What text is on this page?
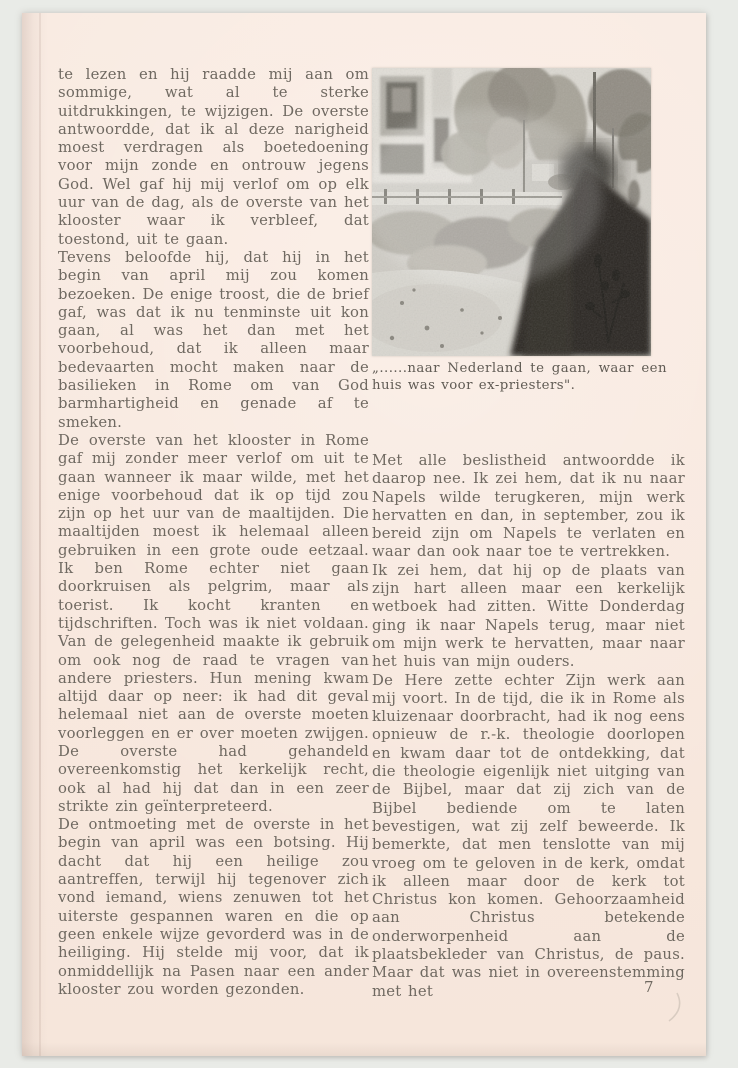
te lezen en hij raadde mij aan om sommige, wat al te sterke uitdrukkingen, te wijzigen. De overste antwoordde, dat ik al deze narigheid moest verdragen als boetedoening voor mijn zonde en ontrouw jegens God. Wel gaf hij mij verlof om op elk uur van de dag, als de overste van het klooster waar ik verbleef, dat toestond, uit te gaan.

Tevens beloofde hij, dat hij in het begin van april mij zou komen bezoeken. De enige troost, die de brief gaf, was dat ik nu tenminste uit kon gaan, al was het dan met het voorbehoud, dat ik alleen maar bedevaarten mocht maken naar de basilieken in Rome om van God barmhartigheid en genade af te smeken.

De overste van het klooster in Rome gaf mij zonder meer verlof om uit te gaan wanneer ik maar wilde, met het enige voorbehoud dat ik op tijd zou zijn op het uur van de maaltijden. Die maaltijden moest ik helemaal alleen gebruiken in een grote oude eetzaal. Ik ben Rome echter niet gaan doorkruisen als pelgrim, maar als toerist. Ik kocht kranten en tijdschriften. Toch was ik niet voldaan. Van de gelegenheid maakte ik gebruik om ook nog de raad te vragen van andere priesters. Hun mening kwam altijd daar op neer: ik had dit geval helemaal niet aan de overste moeten voorleggen en er over moeten zwijgen. De overste had gehandeld overeenkomstig het kerkelijk recht, ook al had hij dat dan in een zeer strikte zin geïnterpreteerd.

De ontmoeting met de overste in het begin van april was een botsing. Hij dacht dat hij een heilige zou aantreffen, terwijl hij tegenover zich vond iemand, wiens zenuwen tot het uiterste gespannen waren en die op geen enkele wijze gevorderd was in de heiliging. Hij stelde mij voor, dat ik onmiddellijk na Pasen naar een ander klooster zou worden gezonden.

„......naar Nederland te gaan, waar een huis was voor ex-priesters".

Met alle beslistheid antwoordde ik daarop nee. Ik zei hem, dat ik nu naar Napels wilde terugkeren, mijn werk hervatten en dan, in september, zou ik bereid zijn om Napels te verlaten en waar dan ook naar toe te vertrekken.

Ik zei hem, dat hij op de plaats van zijn hart alleen maar een kerkelijk wetboek had zitten. Witte Donderdag ging ik naar Napels terug, maar niet om mijn werk te hervatten, maar naar het huis van mijn ouders.

De Here zette echter Zijn werk aan mij voort. In de tijd, die ik in Rome als kluizenaar doorbracht, had ik nog eens opnieuw de r.-k. theologie doorlopen en kwam daar tot de ontdekking, dat die theologie eigenlijk niet uitging van de Bijbel, maar dat zij zich van de Bijbel bediende om te laten bevestigen, wat zij zelf beweerde. Ik bemerkte, dat men tenslotte van mij vroeg om te geloven in de kerk, omdat ik alleen maar door de kerk tot Christus kon komen. Gehoorzaamheid aan Christus betekende onderworpenheid aan de plaatsbekleder van Christus, de paus. Maar dat was niet in overeenstemming met het	7
